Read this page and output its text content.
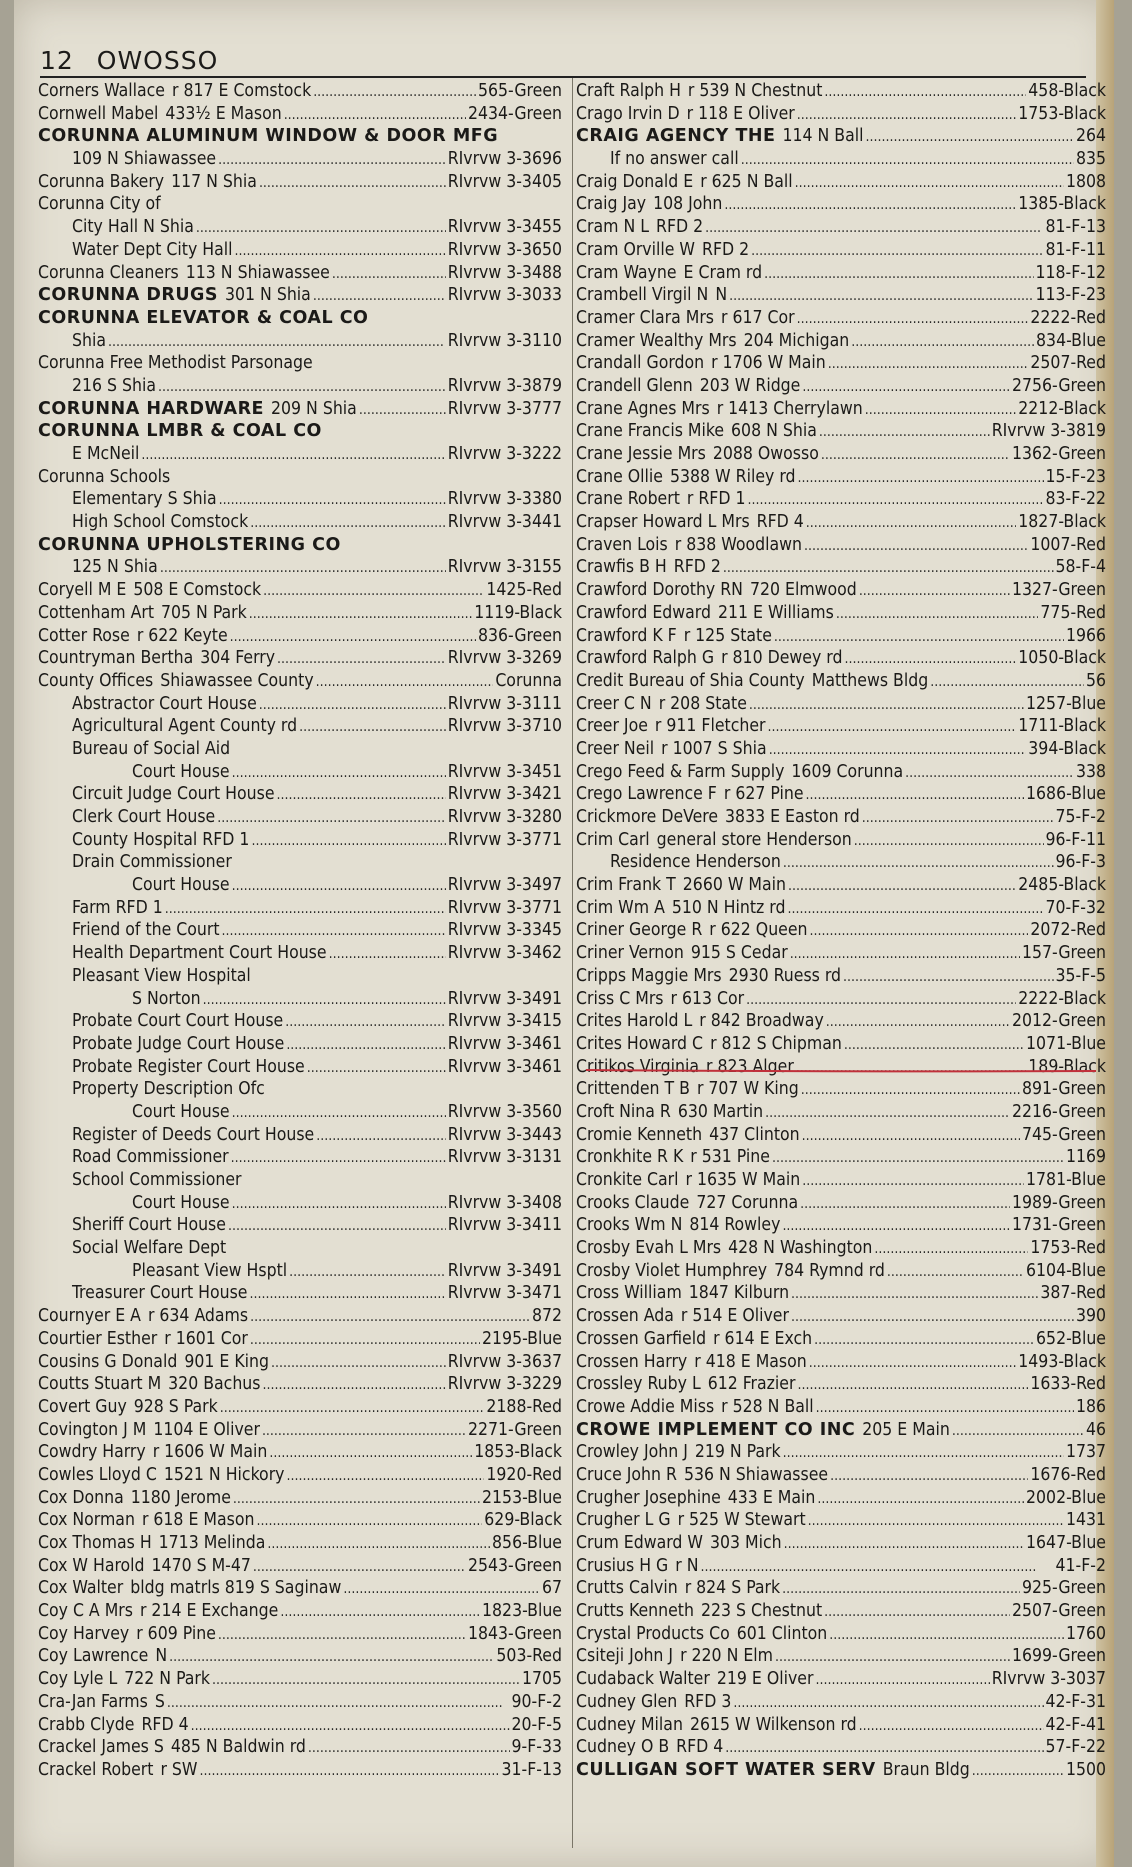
12 OWOSSO
Corners Wallace r 817 E Comstock . . .	565-Green
Cornwell Mabel 433½ E Mason . . .	2434-Green
CORUNNA ALUMINUM WINDOW & DOOR MFG
109 N Shiawassee . . .	RIvrvw 3-3696
Corunna Bakery 117 N Shia . . .	RIvrvw 3-3405
Corunna City of
City Hall N Shia . . .	RIvrvw 3-3455
Water Dept City Hall . . .	RIvrvw 3-3650
Corunna Cleaners 113 N Shiawassee . . .	RIvrvw 3-3488
CORUNNA DRUGS 301 N Shia . . .	RIvrvw 3-3033
CORUNNA ELEVATOR & COAL CO
Shia . . .	RIvrvw 3-3110
Corunna Free Methodist Parsonage
216 S Shia . . .	RIvrvw 3-3879
CORUNNA HARDWARE 209 N Shia . . .	RIvrvw 3-3777
CORUNNA LMBR & COAL CO
E McNeil . . .	RIvrvw 3-3222
Corunna Schools
Elementary S Shia . . .	RIvrvw 3-3380
High School Comstock . . .	RIvrvw 3-3441
CORUNNA UPHOLSTERING CO
125 N Shia . . .	RIvrvw 3-3155
Coryell M E 508 E Comstock . . .	1425-Red
Cottenham Art 705 N Park . . .	1119-Black
Cotter Rose r 622 Keyte . . .	836-Green
Countryman Bertha 304 Ferry . . .	RIvrvw 3-3269
County Offices Shiawassee County . . .	Corunna
Abstractor Court House . . .	RIvrvw 3-3111
Agricultural Agent County rd . . .	RIvrvw 3-3710
Bureau of Social Aid
Court House . . .	RIvrvw 3-3451
Circuit Judge Court House . . .	RIvrvw 3-3421
Clerk Court House . . .	RIvrvw 3-3280
County Hospital RFD 1 . . .	RIvrvw 3-3771
Drain Commissioner
Court House . . .	RIvrvw 3-3497
Farm RFD 1 . . .	RIvrvw 3-3771
Friend of the Court . . .	RIvrvw 3-3345
Health Department Court House . . .	RIvrvw 3-3462
Pleasant View Hospital
S Norton . . .	RIvrvw 3-3491
Probate Court Court House . . .	RIvrvw 3-3415
Probate Judge Court House . . .	RIvrvw 3-3461
Probate Register Court House . . .	RIvrvw 3-3461
Property Description Ofc
Court House . . .	RIvrvw 3-3560
Register of Deeds Court House . . .	RIvrvw 3-3443
Road Commissioner . . .	RIvrvw 3-3131
School Commissioner
Court House . . .	RIvrvw 3-3408
Sheriff Court House . . .	RIvrvw 3-3411
Social Welfare Dept
Pleasant View Hsptl . . .	RIvrvw 3-3491
Treasurer Court House . . .	RIvrvw 3-3471
Cournyer E A r 634 Adams . . .	872
Courtier Esther r 1601 Cor . . .	2195-Blue
Cousins G Donald 901 E King . . .	RIvrvw 3-3637
Coutts Stuart M 320 Bachus . . .	RIvrvw 3-3229
Covert Guy 928 S Park . . .	2188-Red
Covington J M 1104 E Oliver . . .	2271-Green
Cowdry Harry r 1606 W Main . . .	1853-Black
Cowles Lloyd C 1521 N Hickory . . .	1920-Red
Cox Donna 1180 Jerome . . .	2153-Blue
Cox Norman r 618 E Mason . . .	629-Black
Cox Thomas H 1713 Melinda . . .	856-Blue
Cox W Harold 1470 S M-47 . . .	2543-Green
Cox Walter bldg matrls 819 S Saginaw . . .	67
Coy C A Mrs r 214 E Exchange . . .	1823-Blue
Coy Harvey r 609 Pine . . .	1843-Green
Coy Lawrence N . . .	503-Red
Coy Lyle L 722 N Park . . .	1705
Cra-Jan Farms S . . .	90-F-2
Crabb Clyde RFD 4 . . .	20-F-5
Crackel James S 485 N Baldwin rd . . .	9-F-33
Crackel Robert r SW . . .	31-F-13
Craft Ralph H r 539 N Chestnut . . .	458-Black
Crago Irvin D r 118 E Oliver . . .	1753-Black
CRAIG AGENCY THE 114 N Ball . . .	264
If no answer call . . .	835
Craig Donald E r 625 N Ball . . .	1808
Craig Jay 108 John . . .	1385-Black
Cram N L RFD 2 . . .	81-F-13
Cram Orville W RFD 2 . . .	81-F-11
Cram Wayne E Cram rd . . .	118-F-12
Crambell Virgil N N . . .	113-F-23
Cramer Clara Mrs r 617 Cor . . .	2222-Red
Cramer Wealthy Mrs 204 Michigan . . .	834-Blue
Crandall Gordon r 1706 W Main . . .	2507-Red
Crandell Glenn 203 W Ridge . . .	2756-Green
Crane Agnes Mrs r 1413 Cherrylawn . . .	2212-Black
Crane Francis Mike 608 N Shia . . .	RIvrvw 3-3819
Crane Jessie Mrs 2088 Owosso . . .	1362-Green
Crane Ollie 5388 W Riley rd . . .	15-F-23
Crane Robert r RFD 1 . . .	83-F-22
Crapser Howard L Mrs RFD 4 . . .	1827-Black
Craven Lois r 838 Woodlawn . . .	1007-Red
Crawfis B H RFD 2 . . .	58-F-4
Crawford Dorothy RN 720 Elmwood . . .	1327-Green
Crawford Edward 211 E Williams . . .	775-Red
Crawford K F r 125 State . . .	1966
Crawford Ralph G r 810 Dewey rd . . .	1050-Black
Credit Bureau of Shia County Matthews Bldg . . .	56
Creer C N r 208 State . . .	1257-Blue
Creer Joe r 911 Fletcher . . .	1711-Black
Creer Neil r 1007 S Shia . . .	394-Black
Crego Feed & Farm Supply 1609 Corunna . . .	338
Crego Lawrence F r 627 Pine . . .	1686-Blue
Crickmore DeVere 3833 E Easton rd . . .	75-F-2
Crim Carl general store Henderson . . .	96-F-11
Residence Henderson . . .	96-F-3
Crim Frank T 2660 W Main . . .	2485-Black
Crim Wm A 510 N Hintz rd . . .	70-F-32
Criner George R r 622 Queen . . .	2072-Red
Criner Vernon 915 S Cedar . . .	157-Green
Cripps Maggie Mrs 2930 Ruess rd . . .	35-F-5
Criss C Mrs r 613 Cor . . .	2222-Black
Crites Harold L r 842 Broadway . . .	2012-Green
Crites Howard C r 812 S Chipman . . .	1071-Blue
Critikos Virginia r 823 Alger . . .	189-Black
Crittenden T B r 707 W King . . .	891-Green
Croft Nina R 630 Martin . . .	2216-Green
Cromie Kenneth 437 Clinton . . .	745-Green
Cronkhite R K r 531 Pine . . .	1169
Cronkite Carl r 1635 W Main . . .	1781-Blue
Crooks Claude 727 Corunna . . .	1989-Green
Crooks Wm N 814 Rowley . . .	1731-Green
Crosby Evah L Mrs 428 N Washington . . .	1753-Red
Crosby Violet Humphrey 784 Rymnd rd . . .	6104-Blue
Cross William 1847 Kilburn . . .	387-Red
Crossen Ada r 514 E Oliver . . .	390
Crossen Garfield r 614 E Exch . . .	652-Blue
Crossen Harry r 418 E Mason . . .	1493-Black
Crossley Ruby L 612 Frazier . . .	1633-Red
Crowe Addie Miss r 528 N Ball . . .	186
CROWE IMPLEMENT CO INC 205 E Main . . .	46
Crowley John J 219 N Park . . .	1737
Cruce John R 536 N Shiawassee . . .	1676-Red
Crugher Josephine 433 E Main . . .	2002-Blue
Crugher L G r 525 W Stewart . . .	1431
Crum Edward W 303 Mich . . .	1647-Blue
Crusius H G r N . . .	41-F-2
Crutts Calvin r 824 S Park . . .	925-Green
Crutts Kenneth 223 S Chestnut . . .	2507-Green
Crystal Products Co 601 Clinton . . .	1760
Csiteji John J r 220 N Elm . . .	1699-Green
Cudaback Walter 219 E Oliver . . .	RIvrvw 3-3037
Cudney Glen RFD 3 . . .	42-F-31
Cudney Milan 2615 W Wilkenson rd . . .	42-F-41
Cudney O B RFD 4 . . .	57-F-22
CULLIGAN SOFT WATER SERV Braun Bldg . . .	1500
